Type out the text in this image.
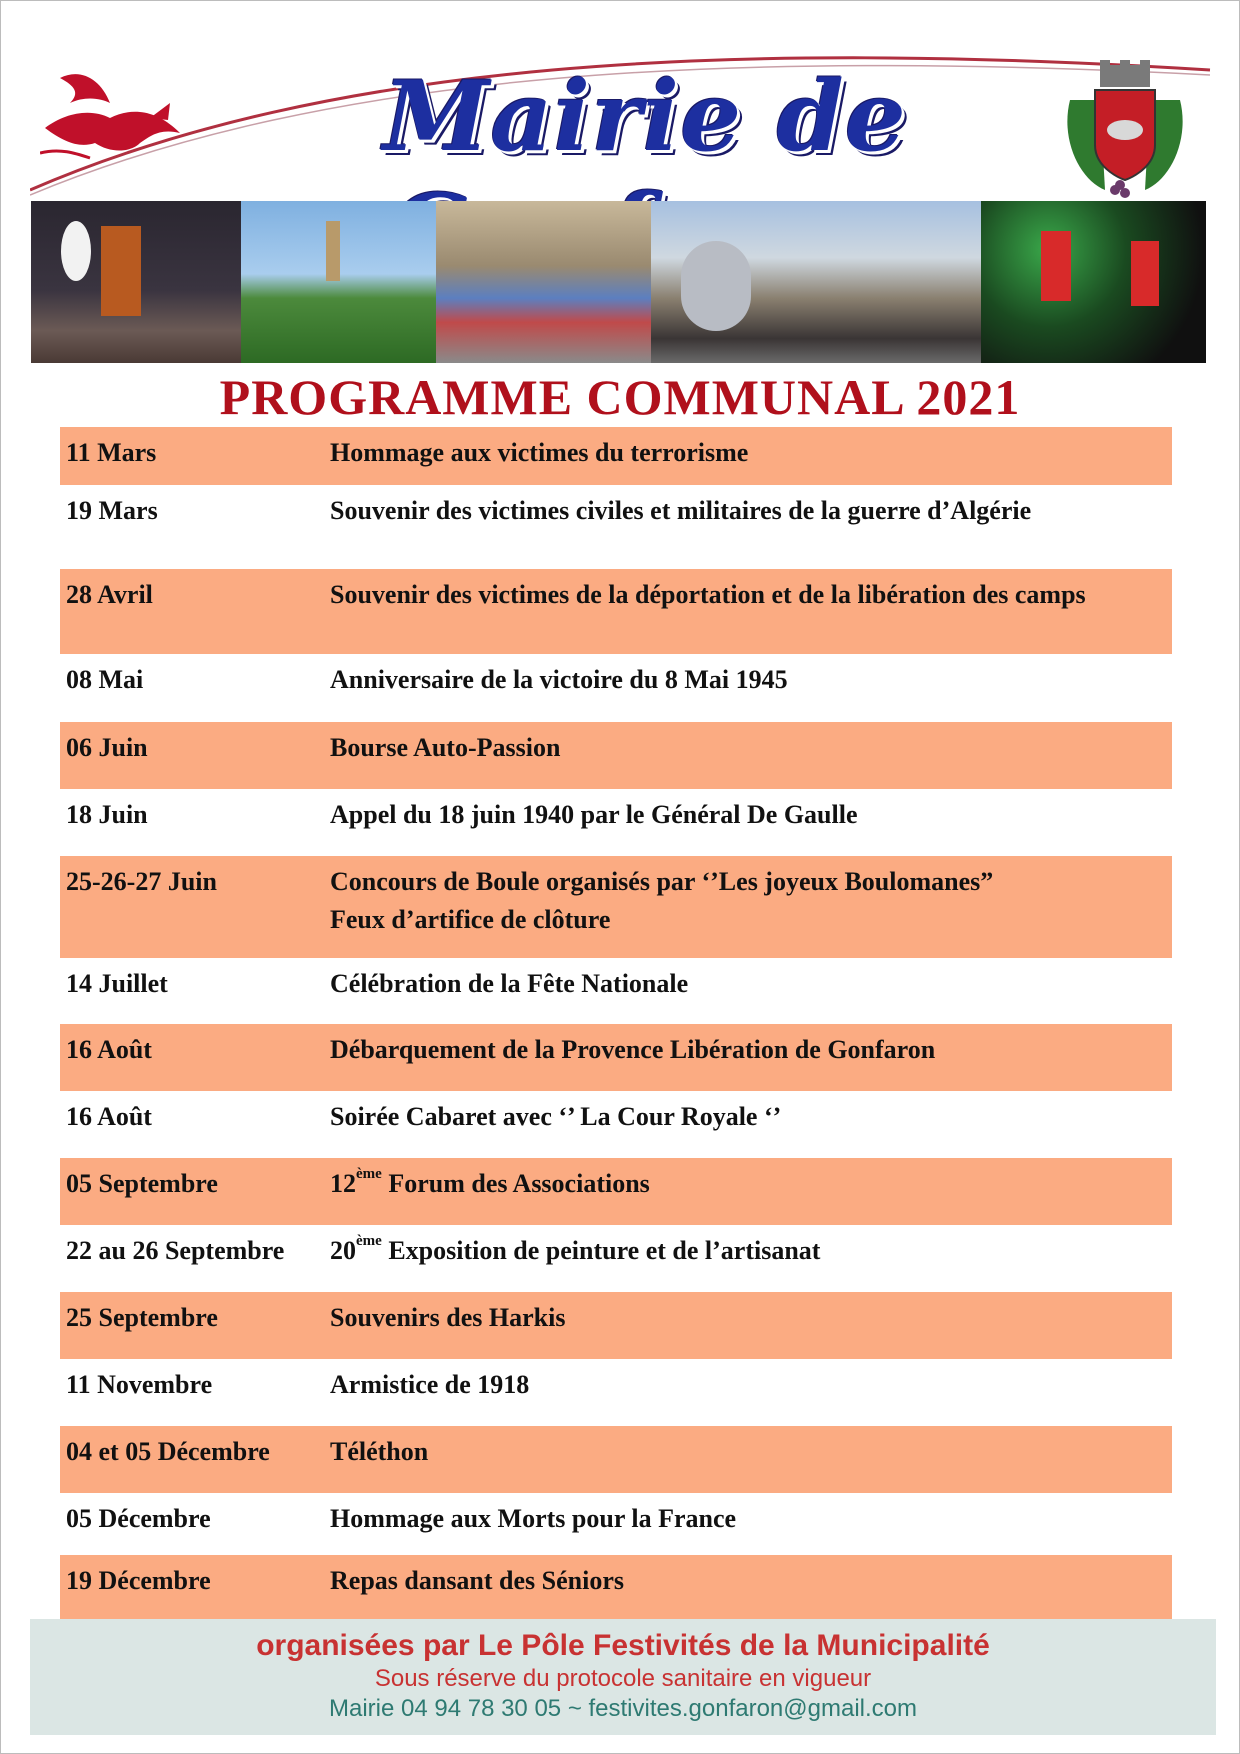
Mairie de
PROGRAMME COMMUNAL 2021
11 Mars	Hommage aux victimes du terrorisme
19 Mars	Souvenir des victimes civiles et militaires de la guerre d’Algérie
28 Avril	Souvenir des victimes de la déportation et de la libération des camps
08 Mai	Anniversaire de la victoire du 8 Mai 1945
06 Juin	Bourse Auto-Passion
18 Juin	Appel du 18 juin 1940 par le Général De Gaulle
25-26-27 Juin	Concours de Boule organisés par ‘’Les joyeux Boulomanes”
Feux d’artifice de clôture
14 Juillet	Célébration de la Fête Nationale
16 Août	Débarquement de la Provence Libération de Gonfaron
16 Août	Soirée Cabaret avec ‘’ La Cour Royale ‘’
05 Septembre	12ème Forum des Associations
22 au 26 Septembre 20ème Exposition de peinture et de l’artisanat
25 Septembre	Souvenirs des Harkis
11 Novembre	Armistice de 1918
04 et 05 Décembre Téléthon
05 Décembre	Hommage aux Morts pour la France
19 Décembre	Repas dansant des Séniors
organisées par Le Pôle Festivités de la Municipalité
Sous réserve du protocole sanitaire en vigueur
Mairie 04 94 78 30 05 ~ festivites.gonfaron@gmail.com
